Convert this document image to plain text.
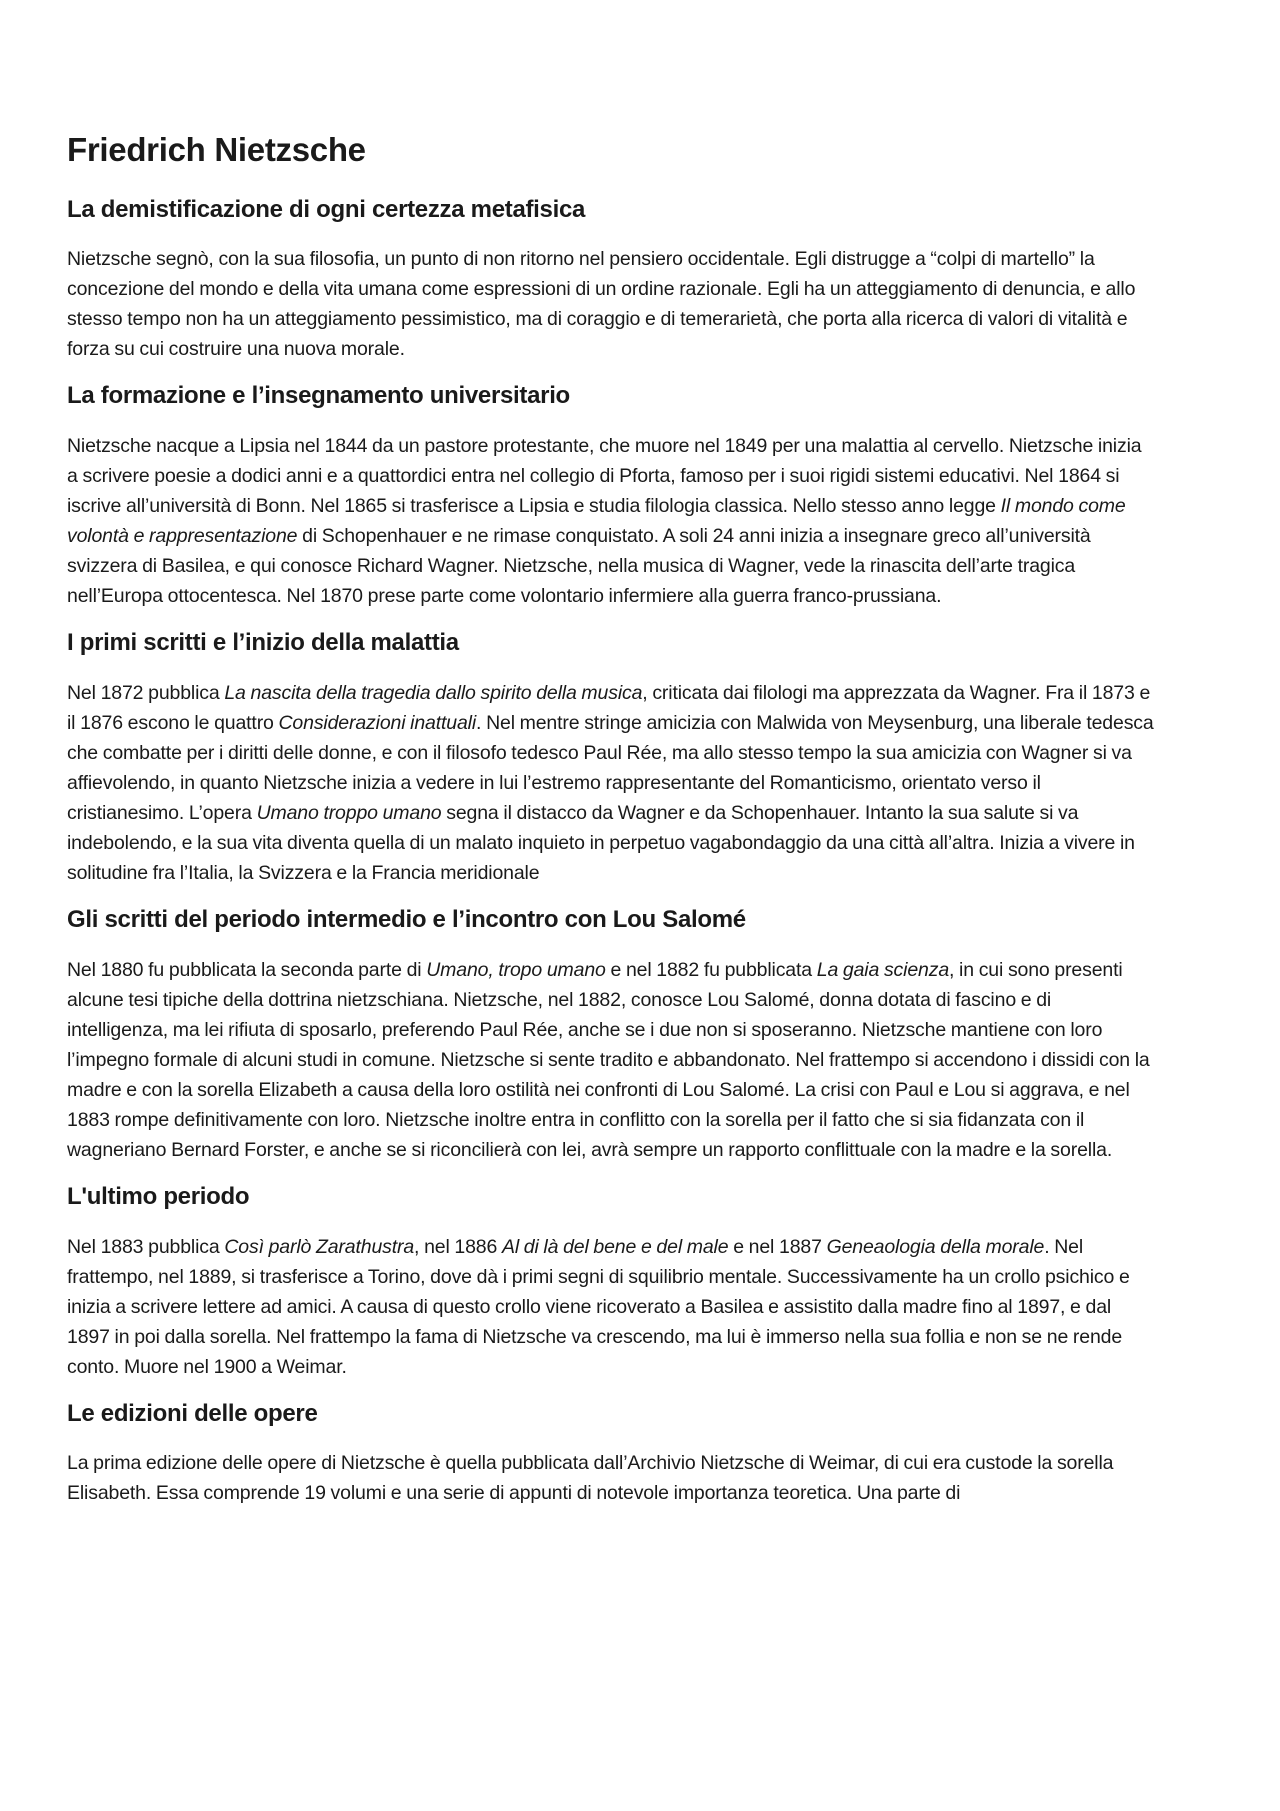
Friedrich Nietzsche
La demistificazione di ogni certezza metafisica

Nietzsche segnò, con la sua filosofia, un punto di non ritorno nel pensiero occidentale. Egli distrugge a “colpi di martello” la concezione del mondo e della vita umana come espressioni di un ordine razionale. Egli ha un atteggiamento di denuncia, e allo stesso tempo non ha un atteggiamento pessimistico, ma di coraggio e di temerarietà, che porta alla ricerca di valori di vitalità e forza su cui costruire una nuova morale.

La formazione e l’insegnamento universitario

Nietzsche nacque a Lipsia nel 1844 da un pastore protestante, che muore nel 1849 per una malattia al cervello. Nietzsche inizia a scrivere poesie a dodici anni e a quattordici entra nel collegio di Pforta, famoso per i suoi rigidi sistemi educativi. Nel 1864 si iscrive all’università di Bonn. Nel 1865 si trasferisce a Lipsia e studia filologia classica. Nello stesso anno legge Il mondo come volontà e rappresentazione di Schopenhauer e ne rimase conquistato. A soli 24 anni inizia a insegnare greco all’università svizzera di Basilea, e qui conosce Richard Wagner. Nietzsche, nella musica di Wagner, vede la rinascita dell’arte tragica nell’Europa ottocentesca. Nel 1870 prese parte come volontario infermiere alla guerra franco-prussiana.

I primi scritti e l’inizio della malattia

Nel 1872 pubblica La nascita della tragedia dallo spirito della musica, criticata dai filologi ma apprezzata da Wagner. Fra il 1873 e il 1876 escono le quattro Considerazioni inattuali. Nel mentre stringe amicizia con Malwida von Meysenburg, una liberale tedesca che combatte per i diritti delle donne, e con il filosofo tedesco Paul Rée, ma allo stesso tempo la sua amicizia con Wagner si va affievolendo, in quanto Nietzsche inizia a vedere in lui l’estremo rappresentante del Romanticismo, orientato verso il cristianesimo. L’opera Umano troppo umano segna il distacco da Wagner e da Schopenhauer. Intanto la sua salute si va indebolendo, e la sua vita diventa quella di un malato inquieto in perpetuo vagabondaggio da una città all’altra. Inizia a vivere in solitudine fra l’Italia, la Svizzera e la Francia meridionale

Gli scritti del periodo intermedio e l’incontro con Lou Salomé

Nel 1880 fu pubblicata la seconda parte di Umano, tropo umano e nel 1882 fu pubblicata La gaia scienza, in cui sono presenti alcune tesi tipiche della dottrina nietzschiana. Nietzsche, nel 1882, conosce Lou Salomé, donna dotata di fascino e di intelligenza, ma lei rifiuta di sposarlo, preferendo Paul Rée, anche se i due non si sposeranno. Nietzsche mantiene con loro l’impegno formale di alcuni studi in comune. Nietzsche si sente tradito e abbandonato. Nel frattempo si accendono i dissidi con la madre e con la sorella Elizabeth a causa della loro ostilità nei confronti di Lou Salomé. La crisi con Paul e Lou si aggrava, e nel 1883 rompe definitivamente con loro. Nietzsche inoltre entra in conflitto con la sorella per il fatto che si sia fidanzata con il wagneriano Bernard Forster, e anche se si riconcilierà con lei, avrà sempre un rapporto conflittuale con la madre e la sorella.

L'ultimo periodo

Nel 1883 pubblica Così parlò Zarathustra, nel 1886 Al di là del bene e del male e nel 1887 Geneaologia della morale. Nel frattempo, nel 1889, si trasferisce a Torino, dove dà i primi segni di squilibrio mentale. Successivamente ha un crollo psichico e inizia a scrivere lettere ad amici. A causa di questo crollo viene ricoverato a Basilea e assistito dalla madre fino al 1897, e dal 1897 in poi dalla sorella. Nel frattempo la fama di Nietzsche va crescendo, ma lui è immerso nella sua follia e non se ne rende conto. Muore nel 1900 a Weimar.

Le edizioni delle opere

La prima edizione delle opere di Nietzsche è quella pubblicata dall’Archivio Nietzsche di Weimar, di cui era custode la sorella Elisabeth. Essa comprende 19 volumi e una serie di appunti di notevole importanza teoretica. Una parte di
